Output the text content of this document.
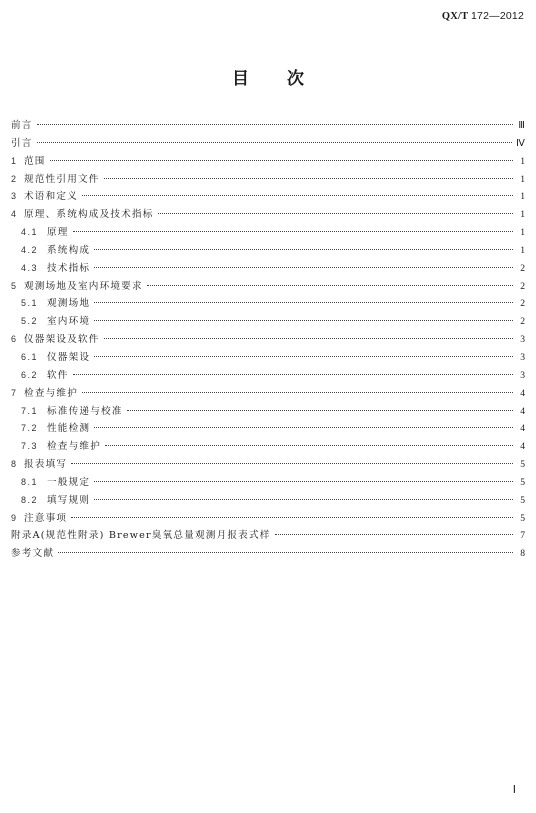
QX/T 172—2012
目次
前言	Ⅲ
引言	Ⅳ
1 范围	1
2 规范性引用文件	1
3 术语和定义	1
4 原理、系统构成及技术指标	1
4.1 原理	1
4.2 系统构成	1
4.3 技术指标	2
5 观测场地及室内环境要求	2
5.1 观测场地	2
5.2 室内环境	2
6 仪器架设及软件	3
6.1 仪器架设	3
6.2 软件	3
7 检查与维护	4
7.1 标准传递与校准	4
7.2 性能检测	4
7.3 检查与维护	4
8 报表填写	5
8.1 一般规定	5
8.2 填写规则	5
9 注意事项	5
附录A(规范性附录) Brewer臭氧总量观测月报表式样	7
参考文献	8
Ⅰ
